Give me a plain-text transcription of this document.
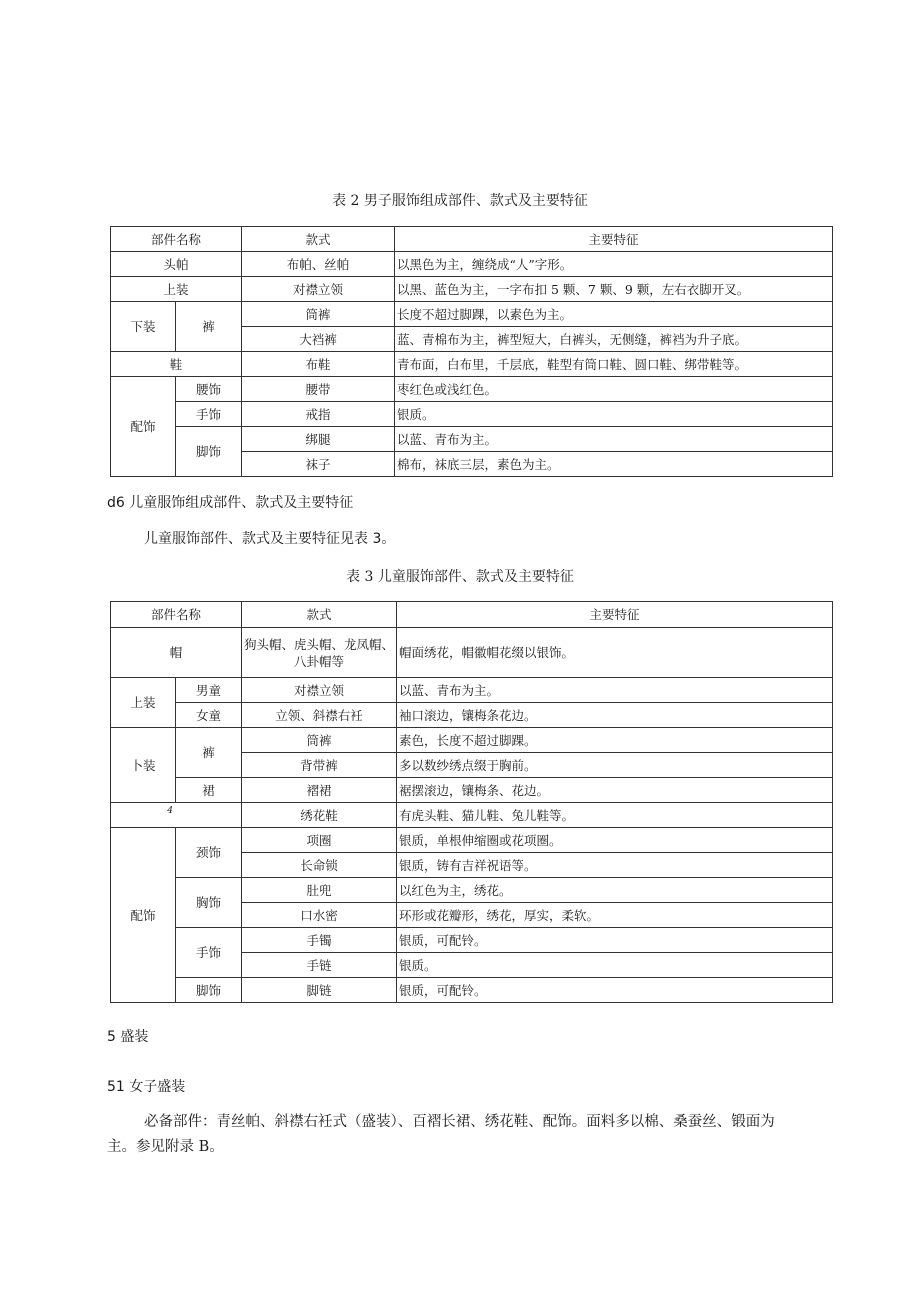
表 2 男子服饰组成部件、款式及主要特征
部件名称		款式	主要特征
头帕		布帕、丝帕	以黑色为主，缠绕成“人”字形。
上装		对襟立领	以黑、蓝色为主，一字布扣 5 颗、7 颗、9 颗，左右衣脚开叉。
下装	裤	筒裤	长度不超过脚踝，以素色为主。
		大裆裤	蓝、青棉布为主，裤型短大，白裤头，无侧缝，裤裆为升子底。
鞋		布鞋	青布面，白布里，千层底，鞋型有筒口鞋、圆口鞋、绑带鞋等。
配饰	腰饰	腰带	枣红色或浅红色。
	手饰	戒指	银质。
	脚饰	绑腿	以蓝、青布为主。
		袜子	棉布，袜底三层，素色为主。
d6 儿童服饰组成部件、款式及主要特征
儿童服饰部件、款式及主要特征见表 3。
表 3 儿童服饰部件、款式及主要特征
部件名称		款式	主要特征
帽		狗头帽、虎头帽、龙凤帽、八卦帽等	帽面绣花，帽徽帽花缀以银饰。
上装	男童	对襟立领	以蓝、青布为主。
	女童	立领、斜襟右衽	袖口滚边，镶梅条花边。
卜装	裤	筒裤	素色，长度不超过脚踝。
		背带裤	多以数纱绣点缀于胸前。
	裙	褶裙	裾摆滚边，镶梅条、花边。
4		绣花鞋	有虎头鞋、猫儿鞋、兔儿鞋等。
配饰	颈饰	项圈	银质，单根伸缩圈或花项圈。
		长命锁	银质，铸有吉祥祝语等。
	胸饰	肚兜	以红色为主，绣花。
		口水密	环形或花瓣形，绣花，厚实，柔软。
	手饰	手镯	银质，可配铃。
		手链	银质。
	脚饰	脚链	银质，可配铃。
5 盛装
51 女子盛装
必备部件：青丝帕、斜襟右衽式（盛装）、百褶长裙、绣花鞋、配饰。面料多以棉、桑蚕丝、锻面为
主。参见附录 B。
